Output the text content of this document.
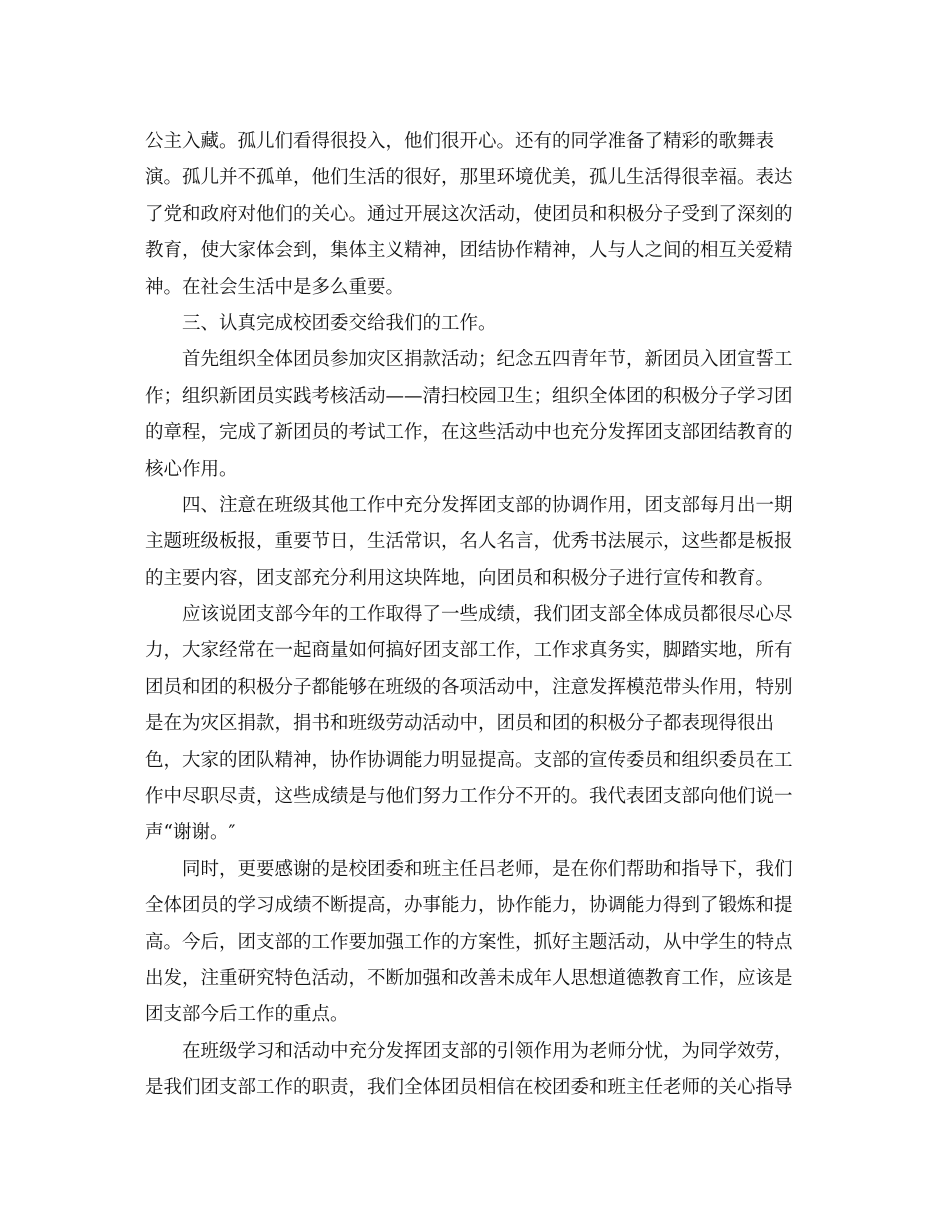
公主入藏。孤儿们看得很投入，他们很开心。还有的同学准备了精彩的歌舞表
演。孤儿并不孤单，他们生活的很好，那里环境优美，孤儿生活得很幸福。表达
了党和政府对他们的关心。通过开展这次活动，使团员和积极分子受到了深刻的
教育，使大家体会到，集体主义精神，团结协作精神，人与人之间的相互关爱精
神。在社会生活中是多么重要。
三、认真完成校团委交给我们的工作。
首先组织全体团员参加灾区捐款活动；纪念五四青年节，新团员入团宣誓工
作；组织新团员实践考核活动——清扫校园卫生；组织全体团的积极分子学习团
的章程，完成了新团员的考试工作，在这些活动中也充分发挥团支部团结教育的
核心作用。
四、注意在班级其他工作中充分发挥团支部的协调作用，团支部每月出一期
主题班级板报，重要节日，生活常识，名人名言，优秀书法展示，这些都是板报
的主要内容，团支部充分利用这块阵地，向团员和积极分子进行宣传和教育。
应该说团支部今年的工作取得了一些成绩，我们团支部全体成员都很尽心尽
力，大家经常在一起商量如何搞好团支部工作，工作求真务实，脚踏实地，所有
团员和团的积极分子都能够在班级的各项活动中，注意发挥模范带头作用，特别
是在为灾区捐款，捐书和班级劳动活动中，团员和团的积极分子都表现得很出
色，大家的团队精神，协作协调能力明显提高。支部的宣传委员和组织委员在工
作中尽职尽责，这些成绩是与他们努力工作分不开的。我代表团支部向他们说一
声“谢谢。″
同时，更要感谢的是校团委和班主任吕老师，是在你们帮助和指导下，我们
全体团员的学习成绩不断提高，办事能力，协作能力，协调能力得到了锻炼和提
高。今后，团支部的工作要加强工作的方案性，抓好主题活动，从中学生的特点
出发，注重研究特色活动，不断加强和改善未成年人思想道德教育工作，应该是
团支部今后工作的重点。
在班级学习和活动中充分发挥团支部的引领作用为老师分忧，为同学效劳，
是我们团支部工作的职责，我们全体团员相信在校团委和班主任老师的关心指导
